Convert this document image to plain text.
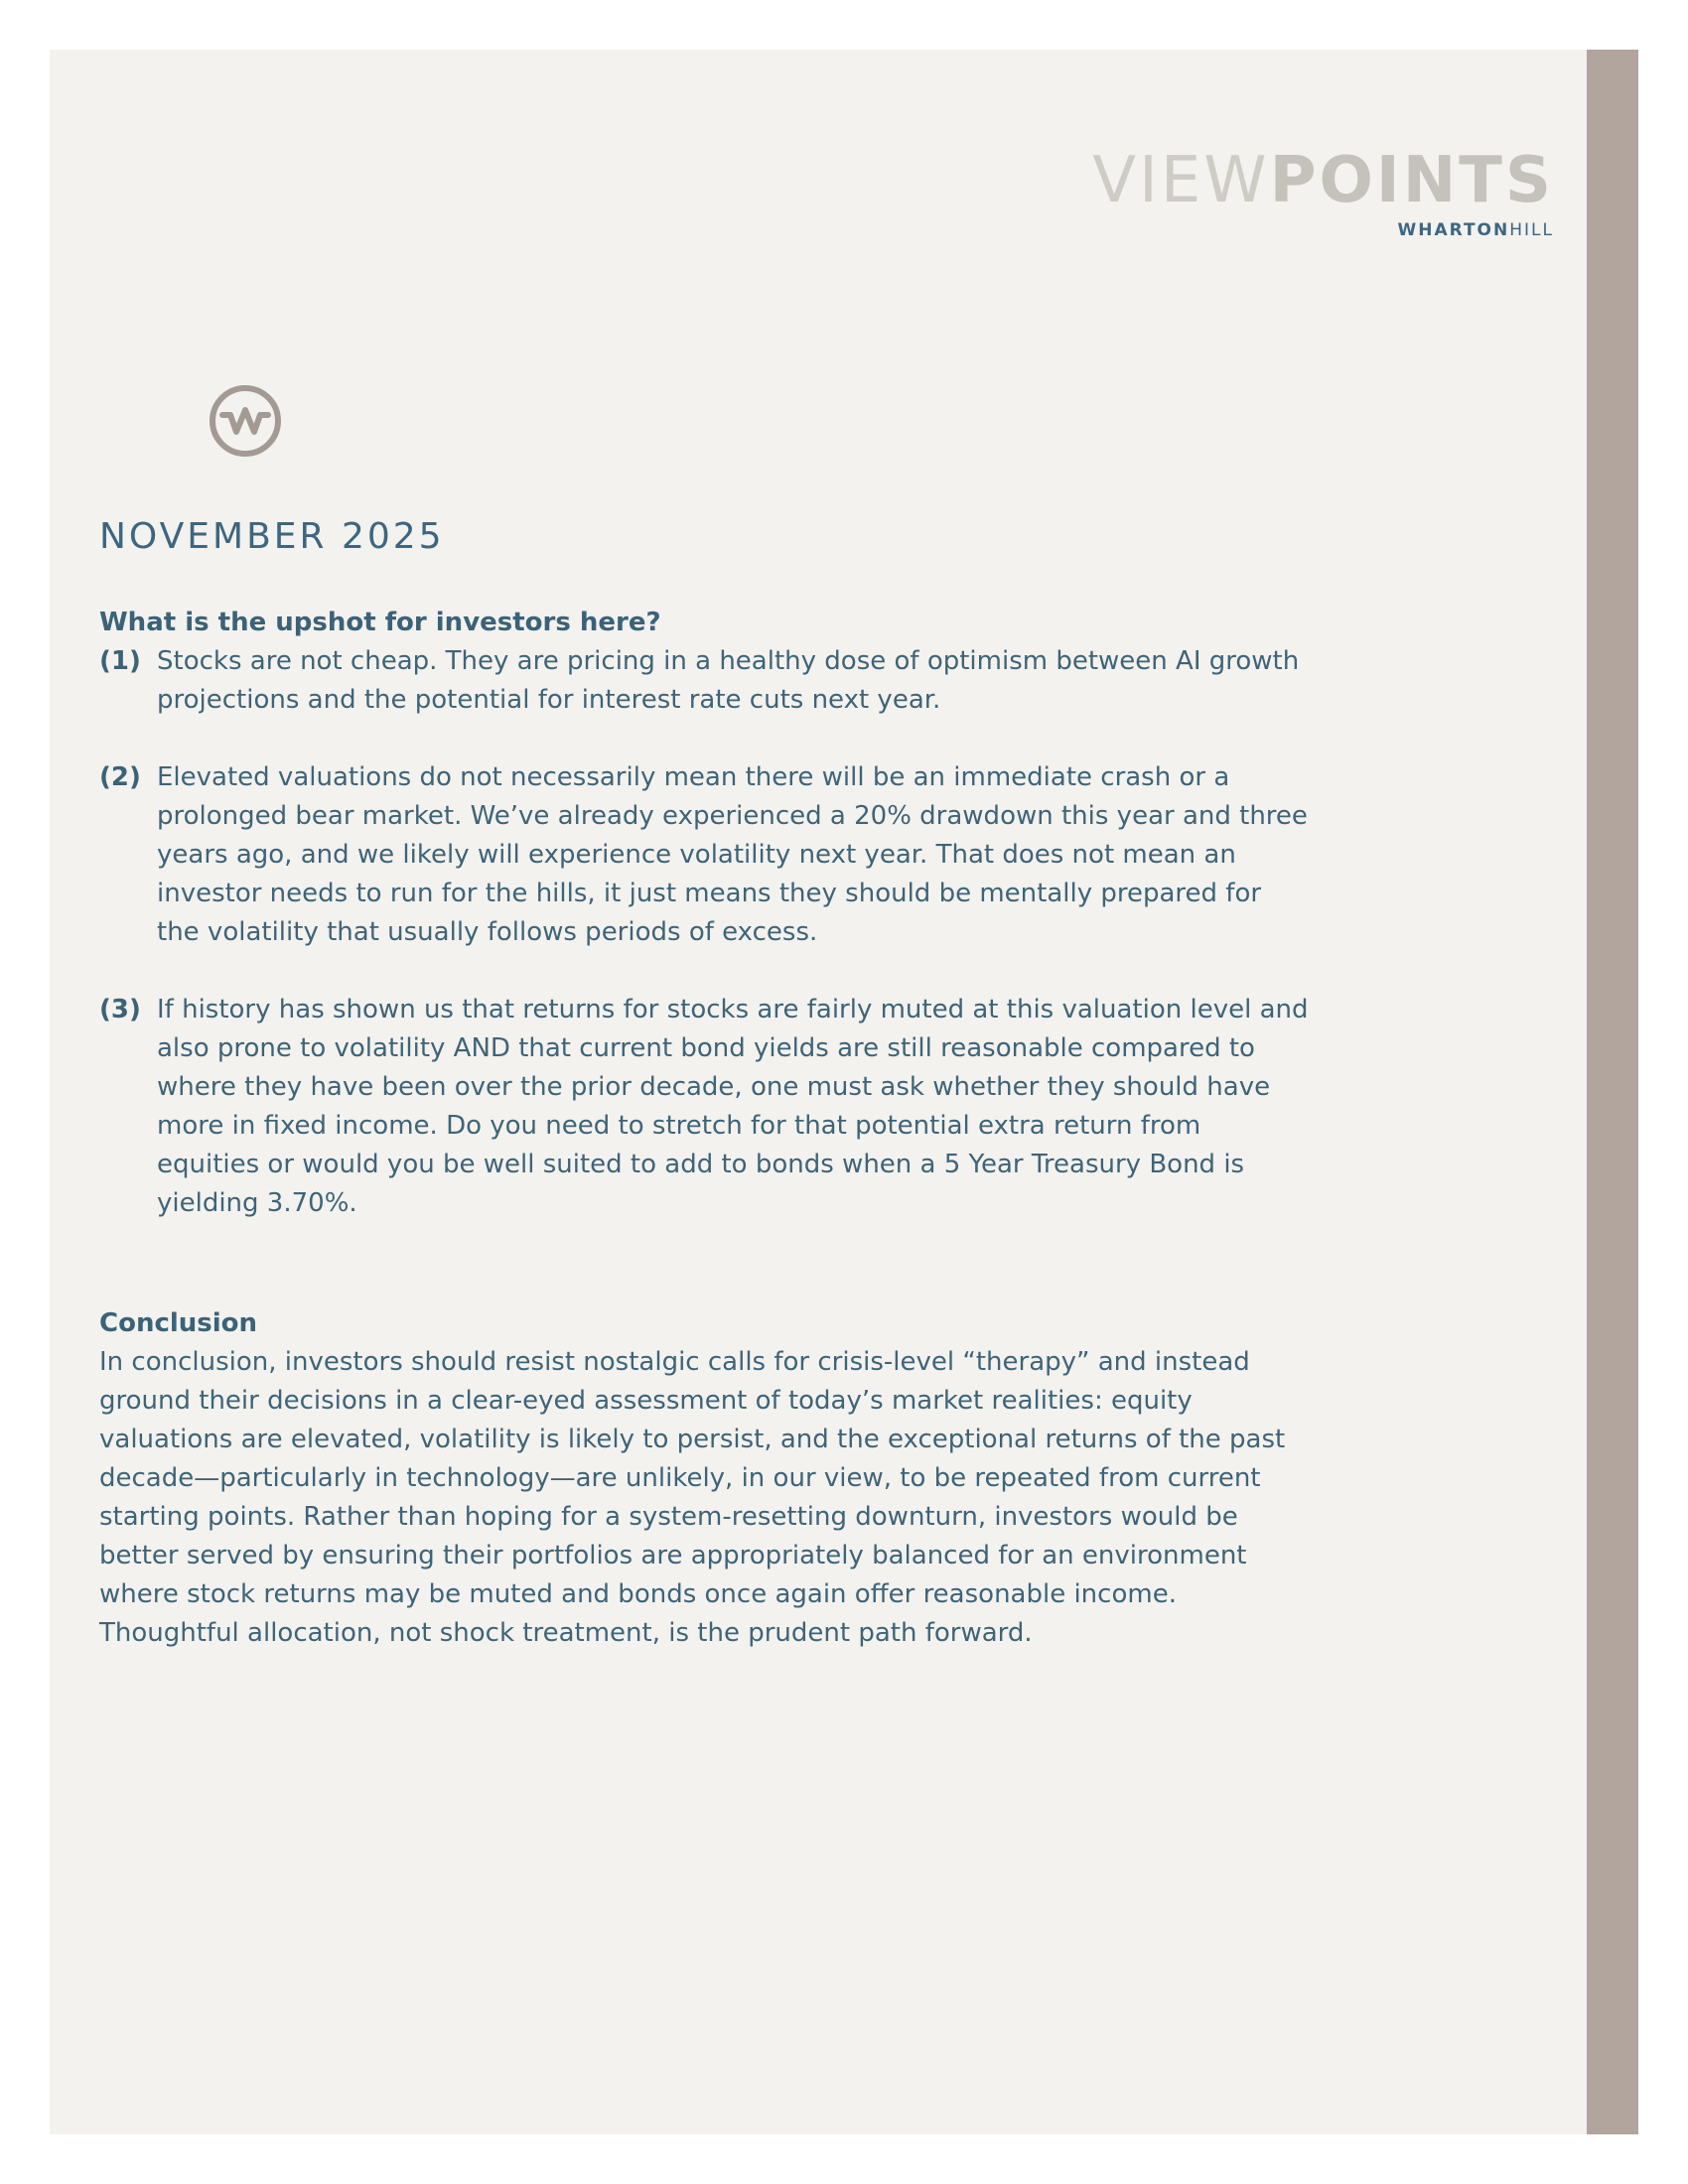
VIEWPOINTS
WHARTONHILL
NOVEMBER 2025
What is the upshot for investors here?
(1) Stocks are not cheap. They are pricing in a healthy dose of optimism between AI growth projections and the potential for interest rate cuts next year.
(2) Elevated valuations do not necessarily mean there will be an immediate crash or a prolonged bear market. We’ve already experienced a 20% drawdown this year and three years ago, and we likely will experience volatility next year. That does not mean an investor needs to run for the hills, it just means they should be mentally prepared for the volatility that usually follows periods of excess.
(3) If history has shown us that returns for stocks are fairly muted at this valuation level and also prone to volatility AND that current bond yields are still reasonable compared to where they have been over the prior decade, one must ask whether they should have more in fixed income. Do you need to stretch for that potential extra return from equities or would you be well suited to add to bonds when a 5 Year Treasury Bond is yielding 3.70%.
Conclusion
In conclusion, investors should resist nostalgic calls for crisis-level “therapy” and instead ground their decisions in a clear-eyed assessment of today’s market realities: equity valuations are elevated, volatility is likely to persist, and the exceptional returns of the past decade—particularly in technology—are unlikely, in our view, to be repeated from current starting points. Rather than hoping for a system-resetting downturn, investors would be better served by ensuring their portfolios are appropriately balanced for an environment where stock returns may be muted and bonds once again offer reasonable income. Thoughtful allocation, not shock treatment, is the prudent path forward.
